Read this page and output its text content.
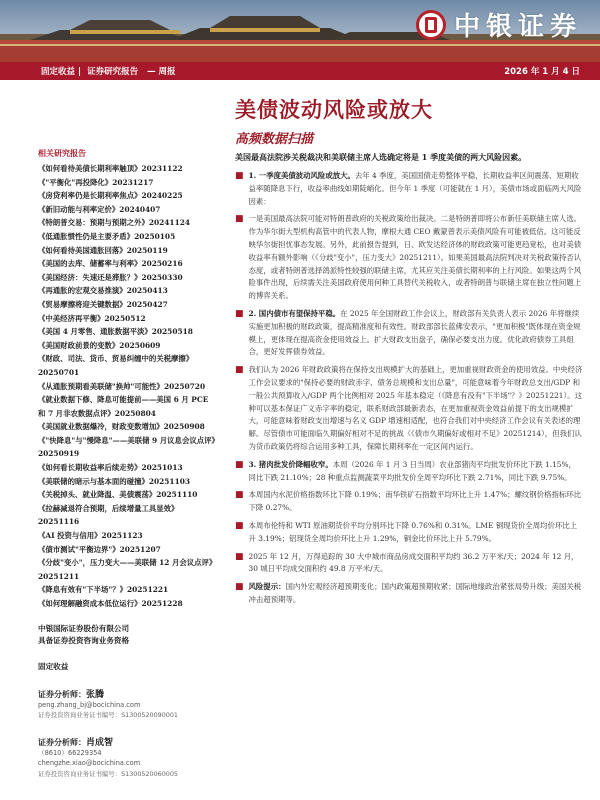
中银证券
固定收益 | 证券研究报告 — 周报	2026 年 1 月 4 日
美债波动风险或放大
高频数据扫描
相关研究报告
《如何看待美债长期利率触顶》20231122
《"平衡化"再投降化》20231217
《房贷利率仍是长期利率焦点》20240225
《新旧动能与利率定价》20240407
《特朗普交易：预期与预期之外》20241124
《低通胀惯性仍是主要矛盾》20250105
《如何看待美国通胀回落》20250119
《美国的去库、储蓄率与利率》20250216
《美国经济：失速还是滞胀？》20250330
《再通胀的宏观交易推演》20250413
《贸易摩擦将迎关键数据》20250427
《中美经济再平衡》20250512
《美国 4 月零售、通胀数据平淡》20250518
《美国财政前景的变数》20250609
《财政、司法、货币、贸易纠缠中的关税摩擦》20250701
《从通胀预期看美联储"换帅"可能性》20250720
《就业数据下修、降息可能提前——美国 6 月 PCE 和 7 月非农数据点评》20250804
《美国就业数据爆冷，财政变数增加》20250908
《"快降息"与"慢降息"——美联储 9 月议息会议点评》20250919
《如何看长期收益率后续走势》20251013
《美联储的暗示与基本面的碰撞》20251103
《关税掉头、就业降温、美债震荡》20251110
《拉赫减退符合预期，后续增量工具显效》20251116
《AI 投资与信用》20251123
《债市测试"平衡边界"》20251207
《分歧"变小"，压力变大——美联储 12 月会议点评》20251211
《降息有效有"下半场"？》20251221
《如何理解融资成本低位运行》20251228
中银国际证券股份有限公司
具备证券投资咨询业务资格
固定收益
证券分析师：张腾
peng.zhang_bj@bocichina.com
证券投资咨询业务证书编号：S1300520090001
证券分析师：肖成智
（8610）66229354
chengzhe.xiao@bocichina.com
证券投资咨询业务证书编号：S1300520060005
美国最高法院涉关税裁决和美联储主席人选确定将是 1 季度美债的两大风险因素。
■ 1. 一季度美债波动风险或放大。去年 4 季度，美国国债走势整体平稳，长期收益率区间震荡、短期收益率随降息下行，收益率曲线如期陡峭化。但今年 1 季度（可能就在 1 月），美债市场或面临两大风险因素：
■ 一是美国最高法院可能对特朗普政府的关税政策给出裁决。二是特朗普即将公布新任美联储主席人选。作为华尔街大型机构高管中的代表人物，摩根大通 CEO 戴蒙曾表示美债风险有可能被低估。这可能反映华尔街担忧事态发展。另外，此前报告提到，日、欧发达经济体的财政政策可能更趋宽松，也对美债收益率有额外影响（《分歧"变小"，压力变大》20251211）。如果美国最高法院判决对关税政策持否认态度，或者特朗普选择鸽派特性较强的联储主席，尤其应关注美债长期利率的上行风险。如果这两个风险事件出现，后续需关注美国政府使用何种工具替代关税收入，或者特朗普与联储主席在独立性问题上的博弈关系。
■ 2. 国内债市有望保持平稳。在 2025 年全国财政工作会议上，财政部有关负责人表示 2026 年将继续实施更加积极的财政政策，提高精准度和有效性。财政部部长蓝佛安表示，"更加积极"既体现在资金规模上，更体现在提高资金使用效益上。扩大财政支出盘子，确保必要支出力度。优化政府债券工具组合，更好发挥债券效益。
■ 我们认为 2026 年财政政策将在保持支出规模扩大的基础上，更加重视财政资金的使用效益。中央经济工作会议要求的"保持必要的财政赤字、债务总规模和支出总量"，可能意味着今年财政总支出/GDP 和一般公共预算收入/GDP 两个比例相对 2025 年基本稳定（《降息有没有"下半场"？》20251221）。这种可以基本保证广义赤字率的稳定，联系财政部最新表态，在更加重视资金效益前提下的支出规模扩大，可能意味着财政支出增速与名义 GDP 增速相适配，也符合我们对中央经济工作会议有关表述的理解。尽管债市可能面临久期偏好相对不足的挑战（《债市久期偏好或相对不足》20251214），但我们认为货币政策仍将综合运用多种工具，保障长期利率在一定区间内运行。
■ 3. 猪肉批发价降幅收窄。本周（2026 年 1 月 3 日当周）农业部猪肉平均批发价环比下跌 1.15%，同比下跌 21.10%；28 种重点监测蔬菜平均批发价全周平均环比下跌 2.71%，同比下跌 9.75%。
■ 本周国内水泥价格指数环比下降 0.19%；南华铁矿石指数平均环比上升 1.47%；螺纹钢价格指标环比下降 0.27%。
■ 本周布伦特和 WTI 原油期货价平均分别环比下降 0.76%和 0.31%。LME 铜现货价全周均价环比上升 3.19%；铝现货全周均价环比上升 1.29%，铜金比价环比上升 5.79%。
■ 2025 年 12 月，万得追踪的 30 大中城市商品房成交面积平均约 36.2 万平米/天；2024 年 12 月，30 城日平均成交面积约 49.8 万平米/天。
■ 风险提示：国内外宏观经济超预期变化；国内政策超预期收紧；国际地缘政治紧张局势升级；美国关税冲击超预期等。
